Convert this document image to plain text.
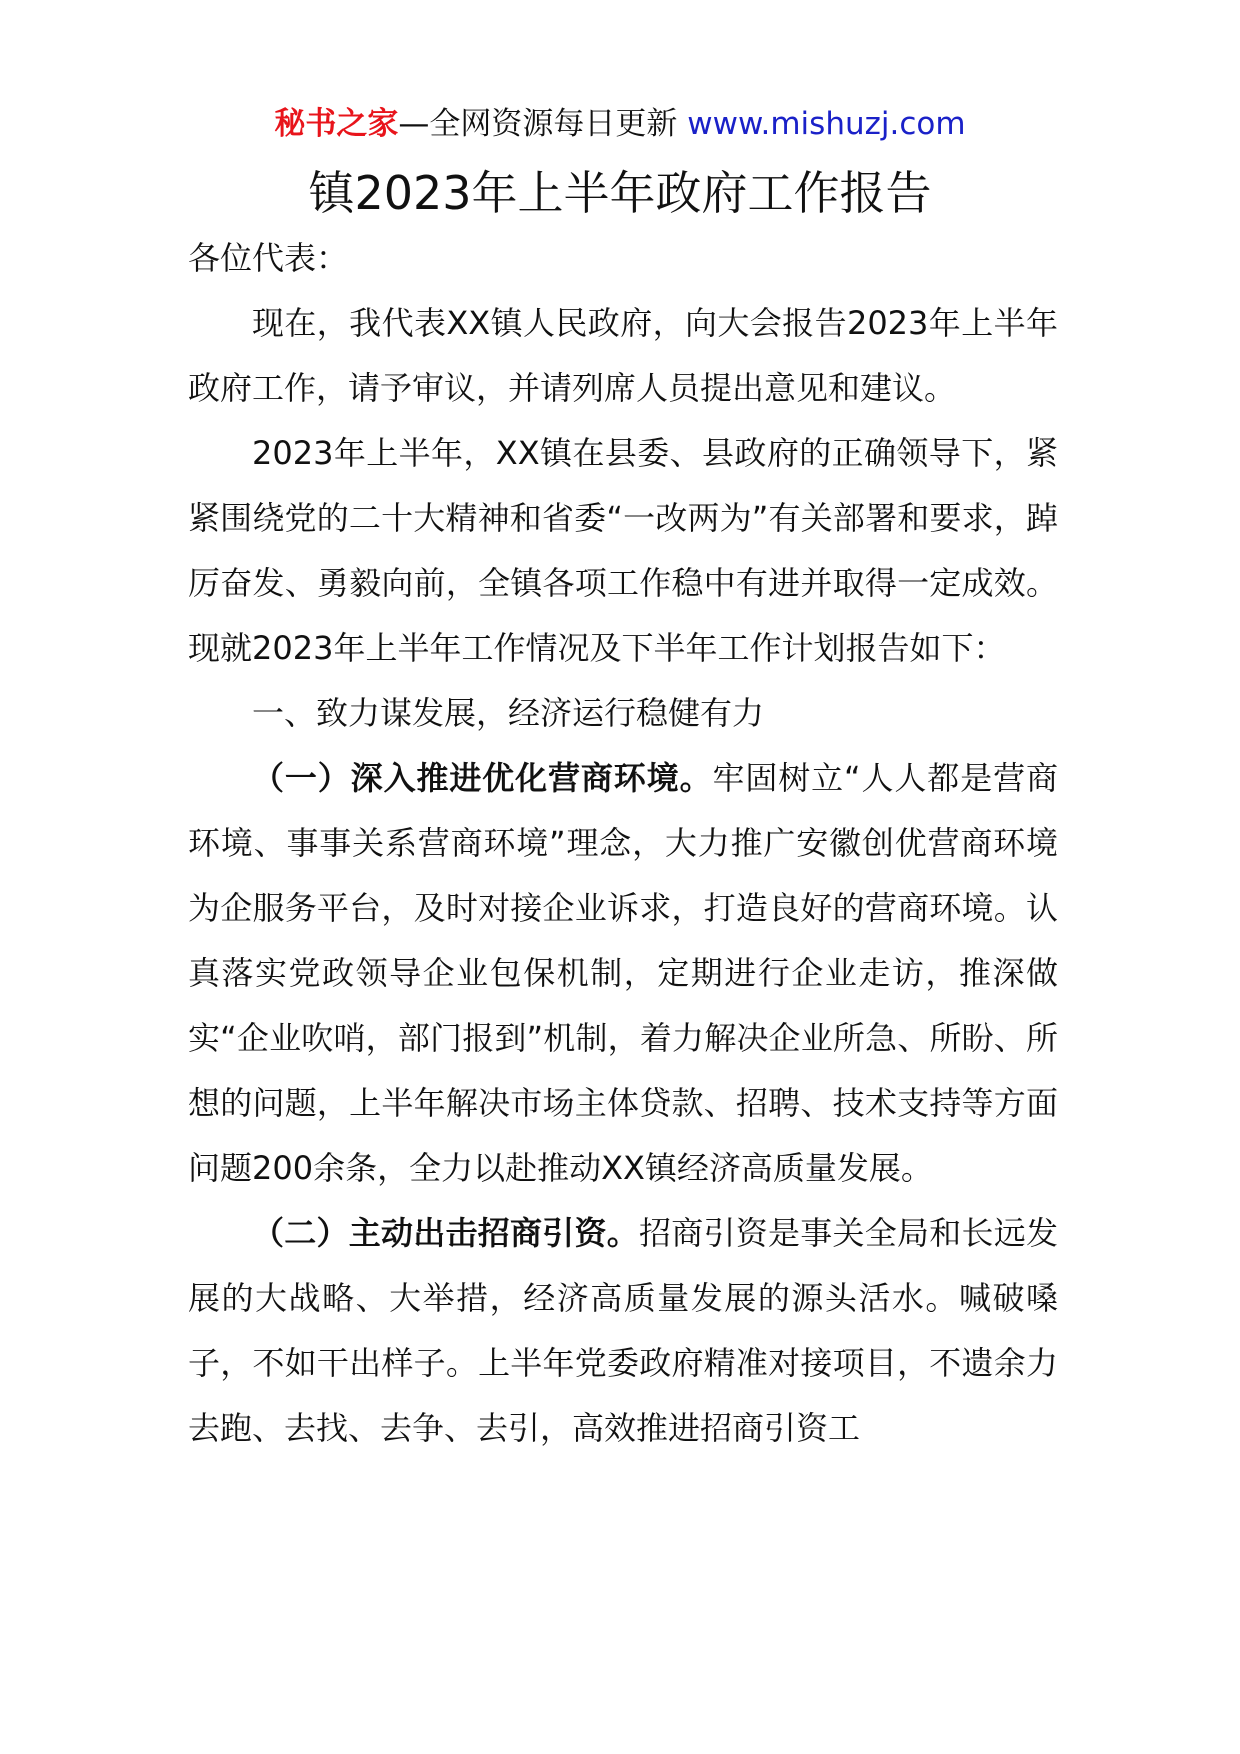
秘书之家—全网资源每日更新 www.mishuzj.com
镇2023年上半年政府工作报告

各位代表：

现在，我代表XX镇人民政府，向大会报告2023年上半年政府工作，请予审议，并请列席人员提出意见和建议。

2023年上半年，XX镇在县委、县政府的正确领导下，紧紧围绕党的二十大精神和省委“一改两为”有关部署和要求，踔厉奋发、勇毅向前，全镇各项工作稳中有进并取得一定成效。现就2023年上半年工作情况及下半年工作计划报告如下：

一、致力谋发展，经济运行稳健有力

（一）深入推进优化营商环境。牢固树立“人人都是营商环境、事事关系营商环境”理念，大力推广安徽创优营商环境为企服务平台，及时对接企业诉求，打造良好的营商环境。认真落实党政领导企业包保机制，定期进行企业走访，推深做实“企业吹哨，部门报到”机制，着力解决企业所急、所盼、所想的问题，上半年解决市场主体贷款、招聘、技术支持等方面问题200余条，全力以赴推动XX镇经济高质量发展。

（二）主动出击招商引资。招商引资是事关全局和长远发展的大战略、大举措，经济高质量发展的源头活水。喊破嗓子，不如干出样子。上半年党委政府精准对接项目，不遗余力去跑、去找、去争、去引，高效推进招商引资工
